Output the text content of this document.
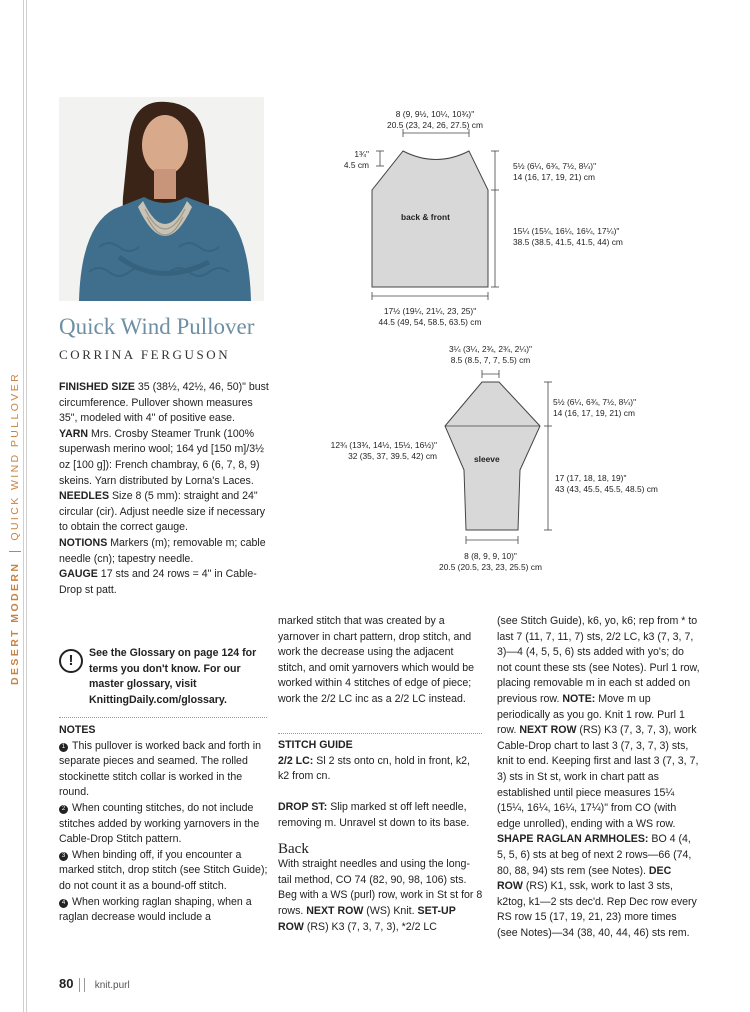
DESERT MODERNQUICK WIND PULLOVER
Quick Wind Pullover
CORRINA FERGUSON

FINISHED SIZE 35 (38½, 42½, 46, 50)" bust circumference. Pullover shown measures 35", modeled with 4" of positive ease.

YARN Mrs. Crosby Steamer Trunk (100% superwash merino wool; 164 yd [150 m]/3½ oz [100 g]): French chambray, 6 (6, 7, 8, 9) skeins. Yarn distributed by Lorna's Laces.

NEEDLES Size 8 (5 mm): straight and 24" circular (cir). Adjust needle size if necessary to obtain the correct gauge.

NOTIONS Markers (m); removable m; cable needle (cn); tapestry needle.

GAUGE 17 sts and 24 rows = 4" in Cable-Drop st patt.

!	See the Glossary on page 124 for terms you don't know. For our master glossary, visit KnittingDaily.com/glossary.

NOTES

1 This pullover is worked back and forth in separate pieces and seamed. The rolled stockinette stitch collar is worked in the round.

2 When counting stitches, do not include stitches added by working yarnovers in the Cable-Drop Stitch pattern.

3 When binding off, if you encounter a marked stitch, drop stitch (see Stitch Guide); do not count it as a bound-off stitch.

4 When working raglan shaping, when a raglan decrease would include a

marked stitch that was created by a yarnover in chart pattern, drop stitch, and work the decrease using the adjacent stitch, and omit yarnovers which would be worked within 4 stitches of edge of piece; work the 2/2 LC inc as a 2/2 LC instead.

STITCH GUIDE

2/2 LC: Sl 2 sts onto cn, hold in front, k2, k2 from cn.

DROP ST: Slip marked st off left needle, removing m. Unravel st down to its base.

Back

With straight needles and using the long-tail method, CO 74 (82, 90, 98, 106) sts. Beg with a WS (purl) row, work in St st for 8 rows. NEXT ROW (WS) Knit. SET-UP ROW (RS) K3 (7, 3, 7, 3), *2/2 LC

(see Stitch Guide), k6, yo, k6; rep from * to last 7 (11, 7, 11, 7) sts, 2/2 LC, k3 (7, 3, 7, 3)—4 (4, 5, 5, 6) sts added with yo's; do not count these sts (see Notes). Purl 1 row, placing removable m in each st added on previous row. NOTE: Move m up periodically as you go. Knit 1 row. Purl 1 row. NEXT ROW (RS) K3 (7, 3, 7, 3), work Cable-Drop chart to last 3 (7, 3, 7, 3) sts, knit to end. Keeping first and last 3 (7, 3, 7, 3) sts in St st, work in chart patt as established until piece measures 15¼ (15¼, 16¼, 16¼, 17¼)" from CO (with edge unrolled), ending with a WS row. SHAPE RAGLAN ARMHOLES: BO 4 (4, 5, 5, 6) sts at beg of next 2 rows—66 (74, 80, 88, 94) sts rem (see Notes). DEC ROW (RS) K1, ssk, work to last 3 sts, k2tog, k1—2 sts dec'd. Rep Dec row every RS row 15 (17, 19, 21, 23) more times (see Notes)—34 (38, 40, 44, 46) sts rem.

8 (9, 9½, 10¼, 10¾)"
20.5 (23, 24, 26, 27.5) cm
1¾"
4.5 cm
back & front
5½ (6¼, 6¾, 7½, 8¼)"
14 (16, 17, 19, 21) cm
15¼ (15¼, 16¼, 16¼, 17¼)"
38.5 (38.5, 41.5, 41.5, 44) cm
17½ (19¼, 21¼, 23, 25)"
44.5 (49, 54, 58.5, 63.5) cm
3¼ (3¼, 2¾, 2¾, 2¼)"
8.5 (8.5, 7, 7, 5.5) cm
5½ (6¼, 6¾, 7½, 8¼)"
14 (16, 17, 19, 21) cm
12¾ (13¾, 14½, 15½, 16½)"
32 (35, 37, 39.5, 42) cm	sleeve
17 (17, 18, 18, 19)"
43 (43, 45.5, 45.5, 48.5) cm
8 (8, 9, 9, 10)"
20.5 (20.5, 23, 23, 25.5) cm
80 knit.purl
